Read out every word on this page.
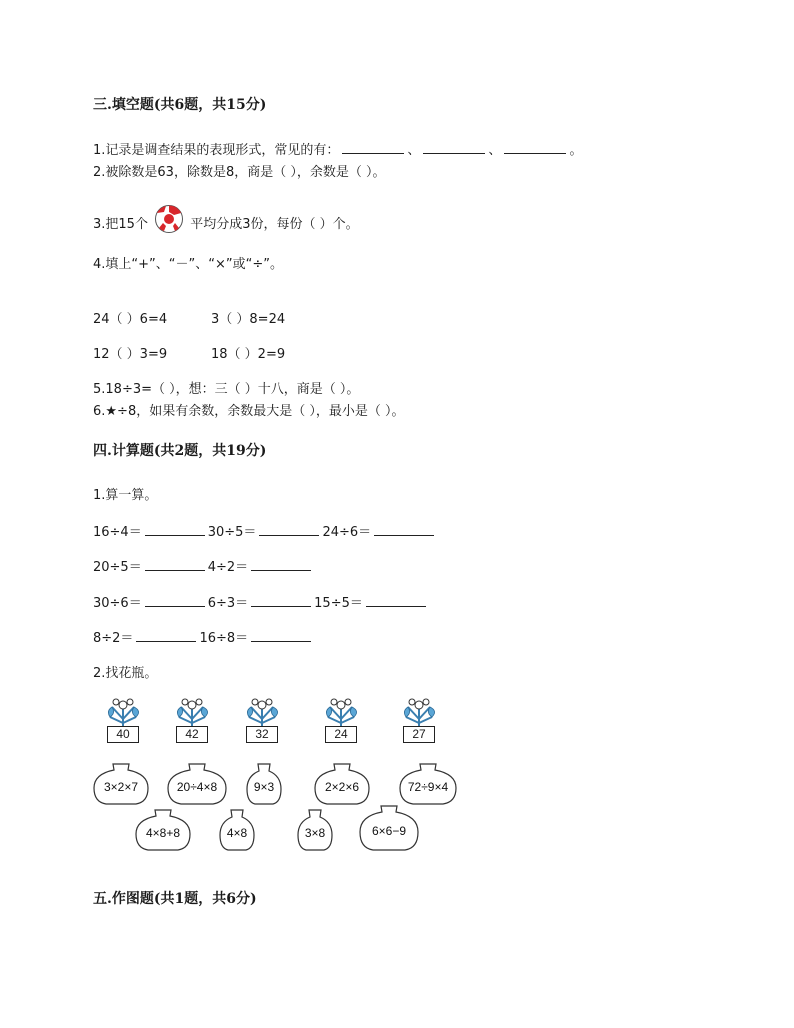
三.填空题(共6题，共15分)
1.记录是调查结果的表现形式，常见的有：	、	、	。
2.被除数是63，除数是8，商是（ ），余数是（ ）。
3.把15个	平均分成3份，每份（ ）个。
4.填上“+”、“－”、“×”或“÷”。
24（ ）6=4	3（ ）8=24
12（ ）3=9	18（ ）2=9
5.18÷3=（ ），想：三（ ）十八，商是（ ）。
6.★÷8，如果有余数，余数最大是（ ），最小是（ ）。
四.计算题(共2题，共19分)
1.算一算。
16÷4＝	30÷5＝	24÷6＝
20÷5＝	4÷2＝
30÷6＝	6÷3＝	15÷5＝
8÷2＝	16÷8＝
2.找花瓶。
40	42	32	24	27
3×2×7	20÷4×8	9×3	2×2×6	72÷9×4
4×8+8	4×8	3×8	6×6−9
五.作图题(共1题，共6分)
